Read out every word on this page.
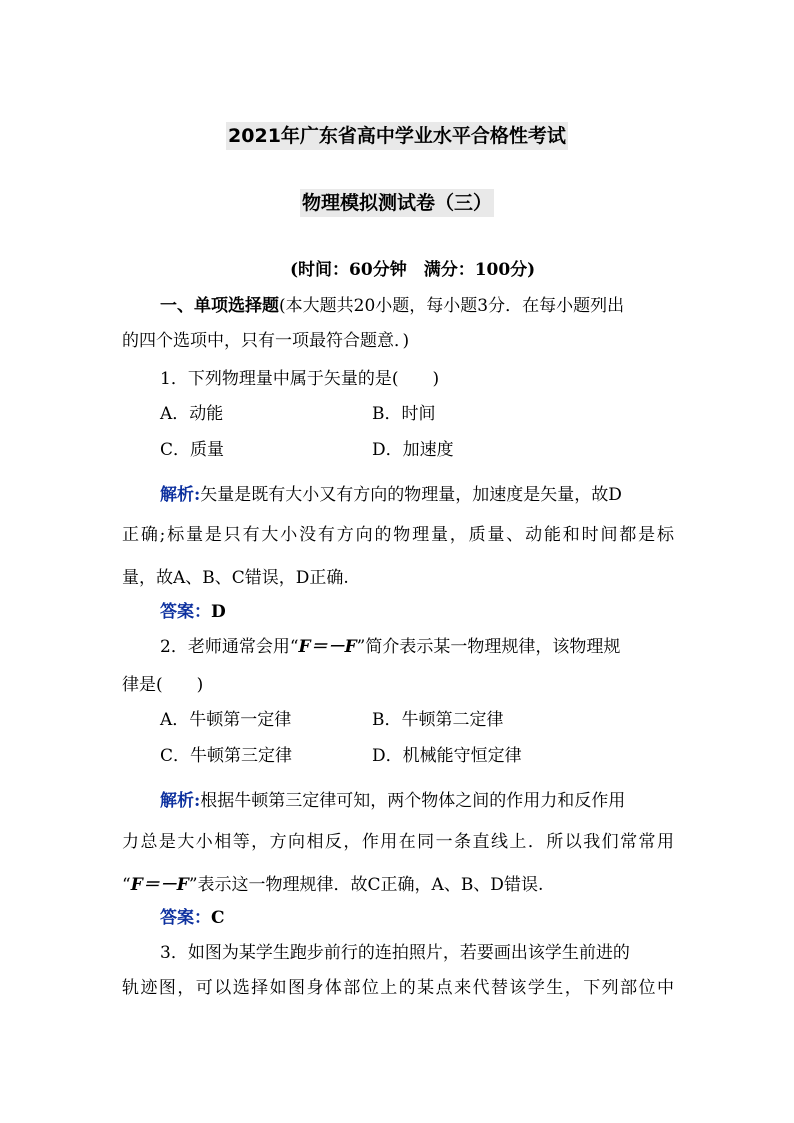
2021年广东省高中学业水平合格性考试
物理模拟测试卷（三）
(时间：60分钟　满分：100分)
一、单项选择题(本大题共20小题，每小题3分．在每小题列出
的四个选项中，只有一项最符合题意．)
1．下列物理量中属于矢量的是(　　)
A．动能	B．时间
C．质量	D．加速度
解析:矢量是既有大小又有方向的物理量，加速度是矢量，故D
正确;标量是只有大小没有方向的物理量，质量、动能和时间都是标
量，故A、B、C错误，D正确.
答案：D
2．老师通常会用“F＝－F”简介表示某一物理规律，该物理规
律是(　　)
A．牛顿第一定律	B．牛顿第二定律
C．牛顿第三定律	D．机械能守恒定律
解析:根据牛顿第三定律可知，两个物体之间的作用力和反作用
力总是大小相等，方向相反，作用在同一条直线上．所以我们常常用
“F＝－F”表示这一物理规律．故C正确，A、B、D错误.
答案：C
3．如图为某学生跑步前行的连拍照片，若要画出该学生前进的
轨迹图，可以选择如图身体部位上的某点来代替该学生，下列部位中
